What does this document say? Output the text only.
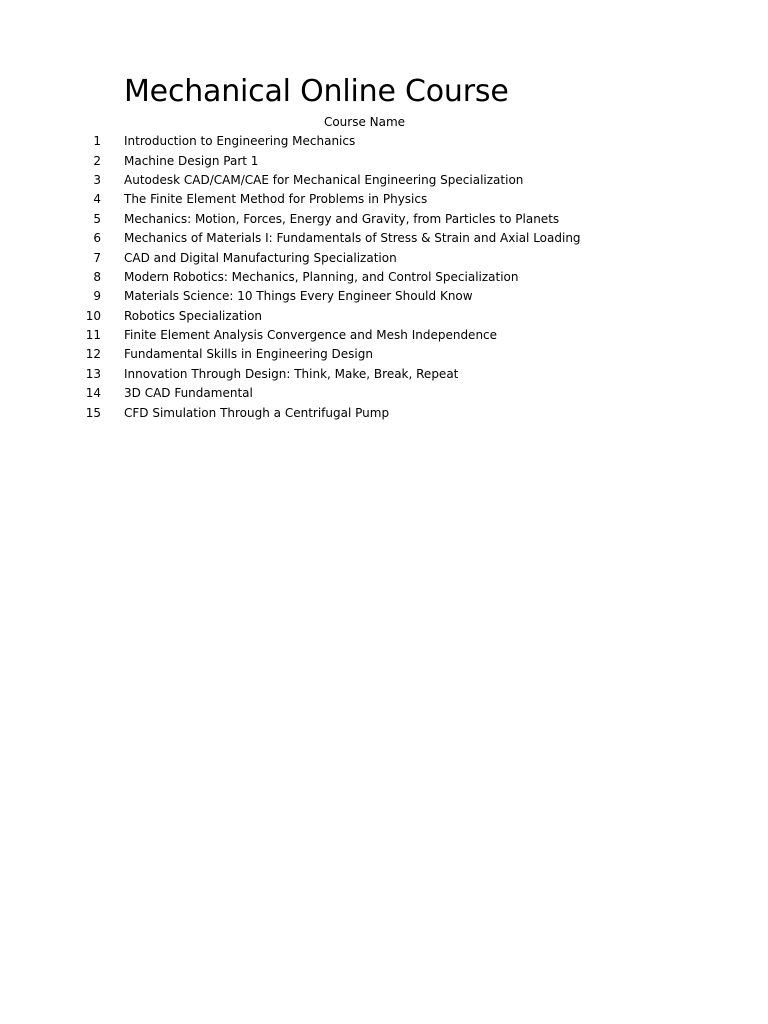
Mechanical Online Course
Course Name
1	Introduction to Engineering Mechanics
2	Machine Design Part 1
3	Autodesk CAD/CAM/CAE for Mechanical Engineering Specialization
4	The Finite Element Method for Problems in Physics
5	Mechanics: Motion, Forces, Energy and Gravity, from Particles to Planets
6	Mechanics of Materials I: Fundamentals of Stress & Strain and Axial Loading
7	CAD and Digital Manufacturing Specialization
8	Modern Robotics: Mechanics, Planning, and Control Specialization
9	Materials Science: 10 Things Every Engineer Should Know
10	Robotics Specialization
11	Finite Element Analysis Convergence and Mesh Independence
12	Fundamental Skills in Engineering Design
13	Innovation Through Design: Think, Make, Break, Repeat
14	3D CAD Fundamental
15	CFD Simulation Through a Centrifugal Pump
